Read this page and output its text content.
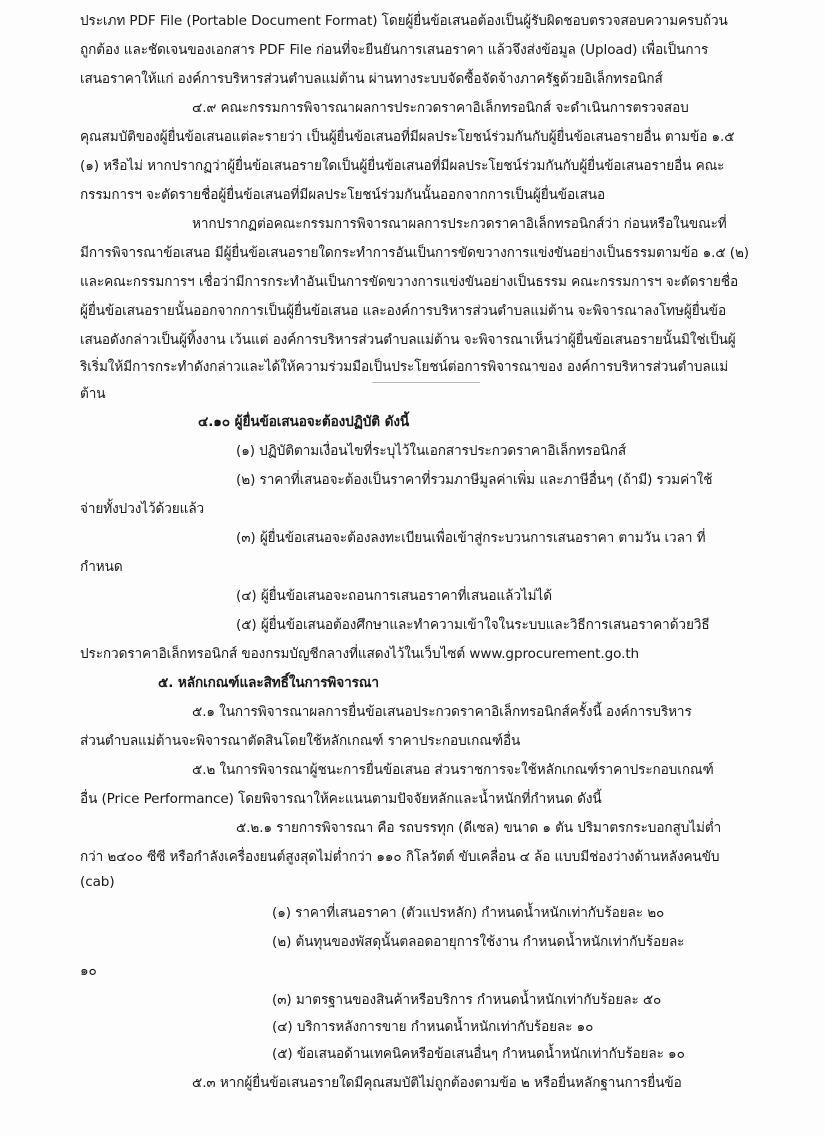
ประเภท PDF File (Portable Document Format) โดยผู้ยื่นข้อเสนอต้องเป็นผู้รับผิดชอบตรวจสอบความครบถ้วน
ถูกต้อง และชัดเจนของเอกสาร PDF File ก่อนที่จะยืนยันการเสนอราคา แล้วจึงส่งข้อมูล (Upload) เพื่อเป็นการ
เสนอราคาให้แก่ องค์การบริหารส่วนตำบลแม่ต้าน ผ่านทางระบบจัดซื้อจัดจ้างภาครัฐด้วยอิเล็กทรอนิกส์
๔.๙ คณะกรรมการพิจารณาผลการประกวดราคาอิเล็กทรอนิกส์ จะดำเนินการตรวจสอบ
คุณสมบัติของผู้ยื่นข้อเสนอแต่ละรายว่า เป็นผู้ยื่นข้อเสนอที่มีผลประโยชน์ร่วมกันกับผู้ยื่นข้อเสนอรายอื่น ตามข้อ ๑.๕
(๑) หรือไม่ หากปรากฏว่าผู้ยื่นข้อเสนอรายใดเป็นผู้ยื่นข้อเสนอที่มีผลประโยชน์ร่วมกันกับผู้ยื่นข้อเสนอรายอื่น คณะ
กรรมการฯ จะตัดรายชื่อผู้ยื่นข้อเสนอที่มีผลประโยชน์ร่วมกันนั้นออกจากการเป็นผู้ยื่นข้อเสนอ
หากปรากฏต่อคณะกรรมการพิจารณาผลการประกวดราคาอิเล็กทรอนิกส์ว่า ก่อนหรือในขณะที่
มีการพิจารณาข้อเสนอ มีผู้ยื่นข้อเสนอรายใดกระทำการอันเป็นการขัดขวางการแข่งขันอย่างเป็นธรรมตามข้อ ๑.๕ (๒)
และคณะกรรมการฯ เชื่อว่ามีการกระทำอันเป็นการขัดขวางการแข่งขันอย่างเป็นธรรม คณะกรรมการฯ จะตัดรายชื่อ
ผู้ยื่นข้อเสนอรายนั้นออกจากการเป็นผู้ยื่นข้อเสนอ และองค์การบริหารส่วนตำบลแม่ต้าน จะพิจารณาลงโทษผู้ยื่นข้อ
เสนอดังกล่าวเป็นผู้ทิ้งงาน เว้นแต่ องค์การบริหารส่วนตำบลแม่ต้าน จะพิจารณาเห็นว่าผู้ยื่นข้อเสนอรายนั้นมิใช่เป็นผู้
ริเริ่มให้มีการกระทำดังกล่าวและได้ให้ความร่วมมือเป็นประโยชน์ต่อการพิจารณาของ องค์การบริหารส่วนตำบลแม่
ต้าน
๔.๑๐ ผู้ยื่นข้อเสนอจะต้องปฏิบัติ ดังนี้
(๑) ปฏิบัติตามเงื่อนไขที่ระบุไว้ในเอกสารประกวดราคาอิเล็กทรอนิกส์
(๒) ราคาที่เสนอจะต้องเป็นราคาที่รวมภาษีมูลค่าเพิ่ม และภาษีอื่นๆ (ถ้ามี) รวมค่าใช้
จ่ายทั้งปวงไว้ด้วยแล้ว
(๓) ผู้ยื่นข้อเสนอจะต้องลงทะเบียนเพื่อเข้าสู่กระบวนการเสนอราคา ตามวัน เวลา ที่
กำหนด
(๔) ผู้ยื่นข้อเสนอจะถอนการเสนอราคาที่เสนอแล้วไม่ได้
(๕) ผู้ยื่นข้อเสนอต้องศึกษาและทำความเข้าใจในระบบและวิธีการเสนอราคาด้วยวิธี
ประกวดราคาอิเล็กทรอนิกส์ ของกรมบัญชีกลางที่แสดงไว้ในเว็บไซต์ www.gprocurement.go.th
๕. หลักเกณฑ์และสิทธิ์ในการพิจารณา
๕.๑ ในการพิจารณาผลการยื่นข้อเสนอประกวดราคาอิเล็กทรอนิกส์ครั้งนี้ องค์การบริหาร
ส่วนตำบลแม่ต้านจะพิจารณาตัดสินโดยใช้หลักเกณฑ์ ราคาประกอบเกณฑ์อื่น
๕.๒ ในการพิจารณาผู้ชนะการยื่นข้อเสนอ ส่วนราชการจะใช้หลักเกณฑ์ราคาประกอบเกณฑ์
อื่น (Price Performance) โดยพิจารณาให้คะแนนตามปัจจัยหลักและน้ำหนักที่กำหนด ดังนี้
๕.๒.๑ รายการพิจารณา คือ รถบรรทุก (ดีเซล) ขนาด ๑ ตัน ปริมาตรกระบอกสูบไม่ต่ำ
กว่า ๒๔๐๐ ซีซี หรือกำลังเครื่องยนต์สูงสุดไม่ต่ำกว่า ๑๑๐ กิโลวัตต์ ขับเคลื่อน ๔ ล้อ แบบมีช่องว่างด้านหลังคนขับ
(cab)
(๑) ราคาที่เสนอราคา (ตัวแปรหลัก) กำหนดน้ำหนักเท่ากับร้อยละ ๒๐
(๒) ต้นทุนของพัสดุนั้นตลอดอายุการใช้งาน กำหนดน้ำหนักเท่ากับร้อยละ
๑๐
(๓) มาตรฐานของสินค้าหรือบริการ กำหนดน้ำหนักเท่ากับร้อยละ ๕๐
(๔) บริการหลังการขาย กำหนดน้ำหนักเท่ากับร้อยละ ๑๐
(๕) ข้อเสนอด้านเทคนิคหรือข้อเสนอื่นๆ กำหนดน้ำหนักเท่ากับร้อยละ ๑๐
๕.๓ หากผู้ยื่นข้อเสนอรายใดมีคุณสมบัติไม่ถูกต้องตามข้อ ๒ หรือยื่นหลักฐานการยื่นข้อ
